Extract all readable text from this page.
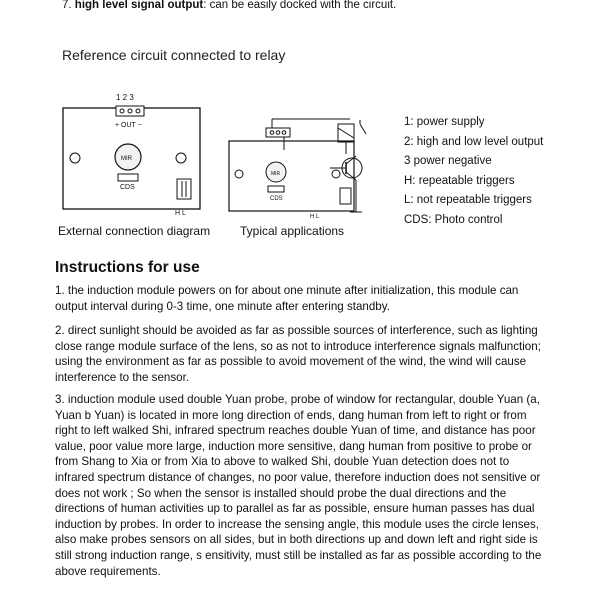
7. high level signal output: can be easily docked with the circuit.
Reference circuit connected to relay
1 2 3
+ OUT −
MIR
CDS
H L
External connection diagram
MIR
CDS
H L
Typical applications
1: power supply
2: high and low level output
3 power negative
H: repeatable triggers
L: not repeatable triggers
CDS: Photo control
Instructions for use

1. the induction module powers on for about one minute after initialization, this module can output interval during 0-3 time, one minute after entering standby.

2. direct sunlight should be avoided as far as possible sources of interference, such as lighting close range module surface of the lens, so as not to introduce interference signals malfunction; using the environment as far as possible to avoid movement of the wind, the wind will cause interference to the sensor.

3. induction module used double Yuan probe, probe of window for rectangular, double Yuan (a, Yuan b Yuan) is located in more long direction of ends, dang human from left to right or from right to left walked Shi, infrared spectrum reaches double Yuan of time, and distance has poor value, poor value more large, induction more sensitive, dang human from positive to probe or from Shang to Xia or from Xia to above to walked Shi, double Yuan detection does not to infrared spectrum distance of changes, no poor value, therefore induction does not sensitive or does not work ; So when the sensor is installed should probe the dual directions and the directions of human activities up to parallel as far as possible, ensure human passes has dual induction by probes. In order to increase the sensing angle, this module uses the circle lenses, also make probes sensors on all sides, but in both directions up and down left and right side is still strong induction range, s ensitivity, must still be installed as far as possible according to the above requirements.
